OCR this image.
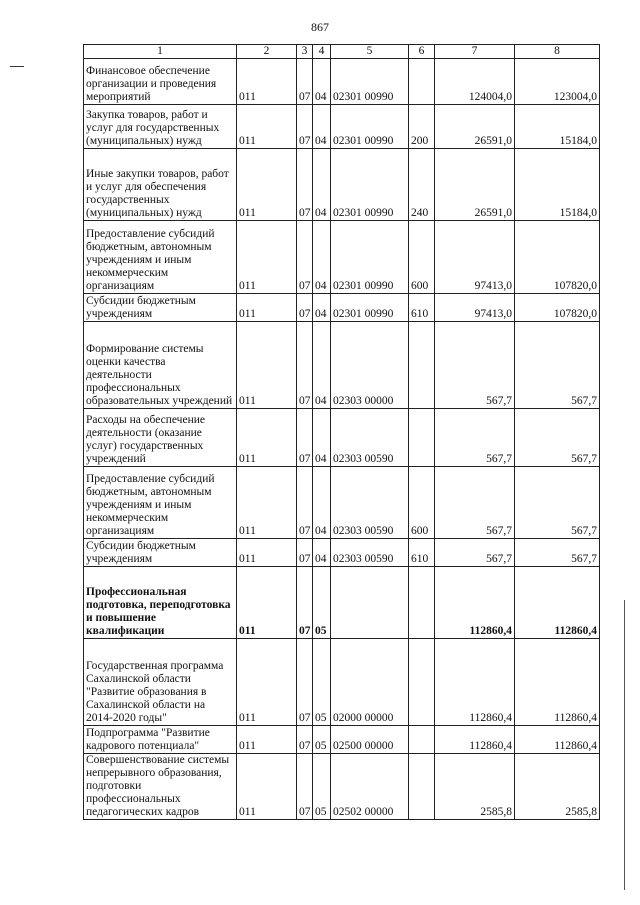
867
1	2	3	4	5	6	7	8
Финансовое обеспечение организации и проведения мероприятий	011	07	04	02301 00990		124004,0	123004,0
Закупка товаров, работ и услуг для государственных (муниципальных) нужд	011	07	04	02301 00990	200	26591,0	15184,0
Иные закупки товаров, работ и услуг для обеспечения государственных (муниципальных) нужд	011	07	04	02301 00990	240	26591,0	15184,0
Предоставление субсидий бюджетным, автономным учреждениям и иным некоммерческим организациям	011	07	04	02301 00990	600	97413,0	107820,0
Субсидии бюджетным учреждениям	011	07	04	02301 00990	610	97413,0	107820,0
Формирование системы оценки качества деятельности профессиональных образовательных учреждений	011	07	04	02303 00000		567,7	567,7
Расходы на обеспечение деятельности (оказание услуг) государственных учреждений	011	07	04	02303 00590		567,7	567,7
Предоставление субсидий бюджетным, автономным учреждениям и иным некоммерческим организациям	011	07	04	02303 00590	600	567,7	567,7
Субсидии бюджетным учреждениям	011	07	04	02303 00590	610	567,7	567,7
Профессиональная подготовка, переподготовка и повышение квалификации	011	07	05			112860,4	112860,4
Государственная программа Сахалинской области "Развитие образования в Сахалинской области на 2014-2020 годы"	011	07	05	02000 00000		112860,4	112860,4
Подпрограмма "Развитие кадрового потенциала"	011	07	05	02500 00000		112860,4	112860,4
Совершенствование системы непрерывного образования, подготовки профессиональных педагогических кадров	011	07	05	02502 00000		2585,8	2585,8
